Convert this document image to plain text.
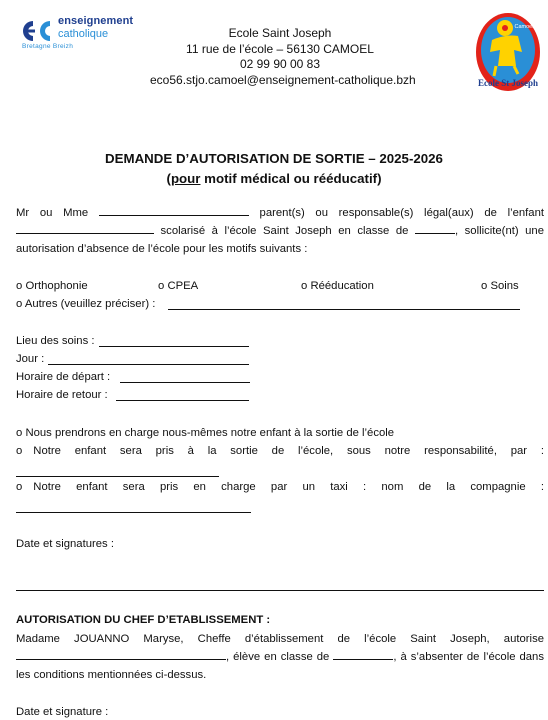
enseignement
catholique
Bretagne Breizh
Ecole Saint Joseph
11 rue de l’école – 56130 CAMOEL
02 99 90 00 83
eco56.stjo.camoel@enseignement-catholique.bzh	Ecole St Joseph
Camoel
DEMANDE D’AUTORISATION DE SORTIE – 2025-2026
(pour motif médical ou rééducatif)

Mr ou Mme	parent(s) ou responsable(s) légal(aux) de l’enfant  scolarisé à l’école Saint Joseph en classe de	, sollicite(nt) une autorisation d’absence de l’école pour les motifs suivants :

o Orthophonie	o CPEA	o Rééducation	o Soins
o Autres (veuillez préciser) :
Lieu des soins :
Jour :
Horaire de départ :
Horaire de retour :
o Nous prendrons en charge nous-mêmes notre enfant à la sortie de l’école
o Notre enfant sera pris à la sortie de l’école, sous notre responsabilité, par :
o Notre enfant sera pris en charge par un taxi : nom de la compagnie :
Date et signatures :
AUTORISATION DU CHEF D’ETABLISSEMENT :

Madame JOUANNO Maryse, Cheffe d’établissement de l’école Saint Joseph, autorise , élève en classe de	, à s’absenter de l’école dans les conditions mentionnées ci-dessus.

Date et signature :
